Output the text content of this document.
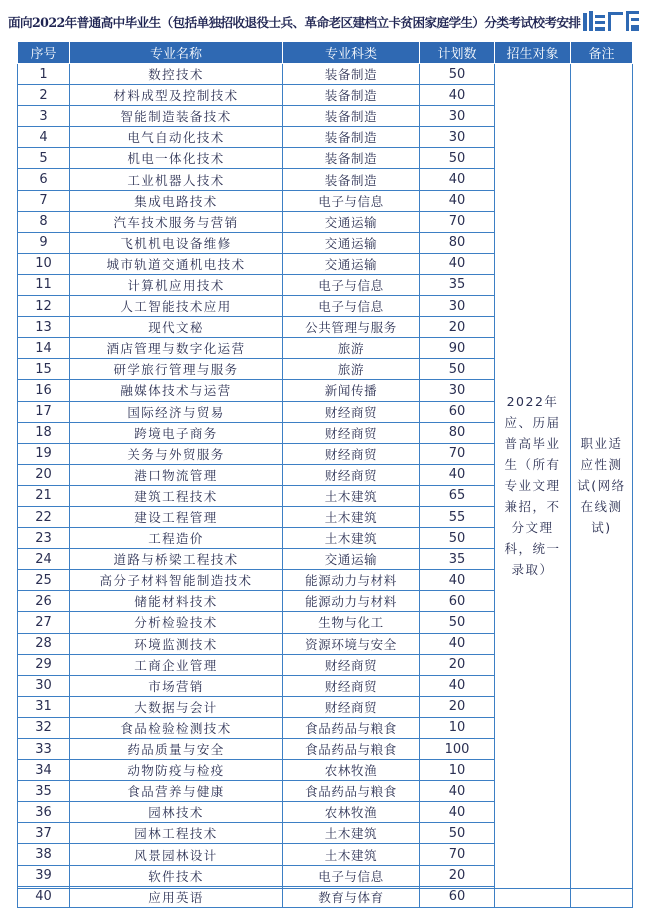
面向2022年普通高中毕业生（包括单独招收退役士兵、革命老区建档立卡贫困家庭学生）分类考试校考安排
序号	专业名称	专业科类	计划数	招生对象	备注
1	数控技术	装备制造	50	2022年应、历届普高毕业生（所有专业文理兼招，不分文理科，统一录取）	职业适应性测试(网络在线测试)
2	材料成型及控制技术	装备制造	40		
3	智能制造装备技术	装备制造	30		
4	电气自动化技术	装备制造	30		
5	机电一体化技术	装备制造	50		
6	工业机器人技术	装备制造	40		
7	集成电路技术	电子与信息	40		
8	汽车技术服务与营销	交通运输	70		
9	飞机机电设备维修	交通运输	80		
10	城市轨道交通机电技术	交通运输	40		
11	计算机应用技术	电子与信息	35		
12	人工智能技术应用	电子与信息	30		
13	现代文秘	公共管理与服务	20		
14	酒店管理与数字化运营	旅游	90		
15	研学旅行管理与服务	旅游	50		
16	融媒体技术与运营	新闻传播	30		
17	国际经济与贸易	财经商贸	60		
18	跨境电子商务	财经商贸	80		
19	关务与外贸服务	财经商贸	70		
20	港口物流管理	财经商贸	40		
21	建筑工程技术	土木建筑	65		
22	建设工程管理	土木建筑	55		
23	工程造价	土木建筑	50		
24	道路与桥梁工程技术	交通运输	35		
25	高分子材料智能制造技术	能源动力与材料	40		
26	储能材料技术	能源动力与材料	60		
27	分析检验技术	生物与化工	50		
28	环境监测技术	资源环境与安全	40		
29	工商企业管理	财经商贸	20		
30	市场营销	财经商贸	40		
31	大数据与会计	财经商贸	20		
32	食品检验检测技术	食品药品与粮食	10		
33	药品质量与安全	食品药品与粮食	100		
34	动物防疫与检疫	农林牧渔	10		
35	食品营养与健康	食品药品与粮食	40		
36	园林技术	农林牧渔	40		
37	园林工程技术	土木建筑	50		
38	风景园林设计	土木建筑	70		
39	软件技术	电子与信息	20		
40	应用英语	教育与体育	60		
